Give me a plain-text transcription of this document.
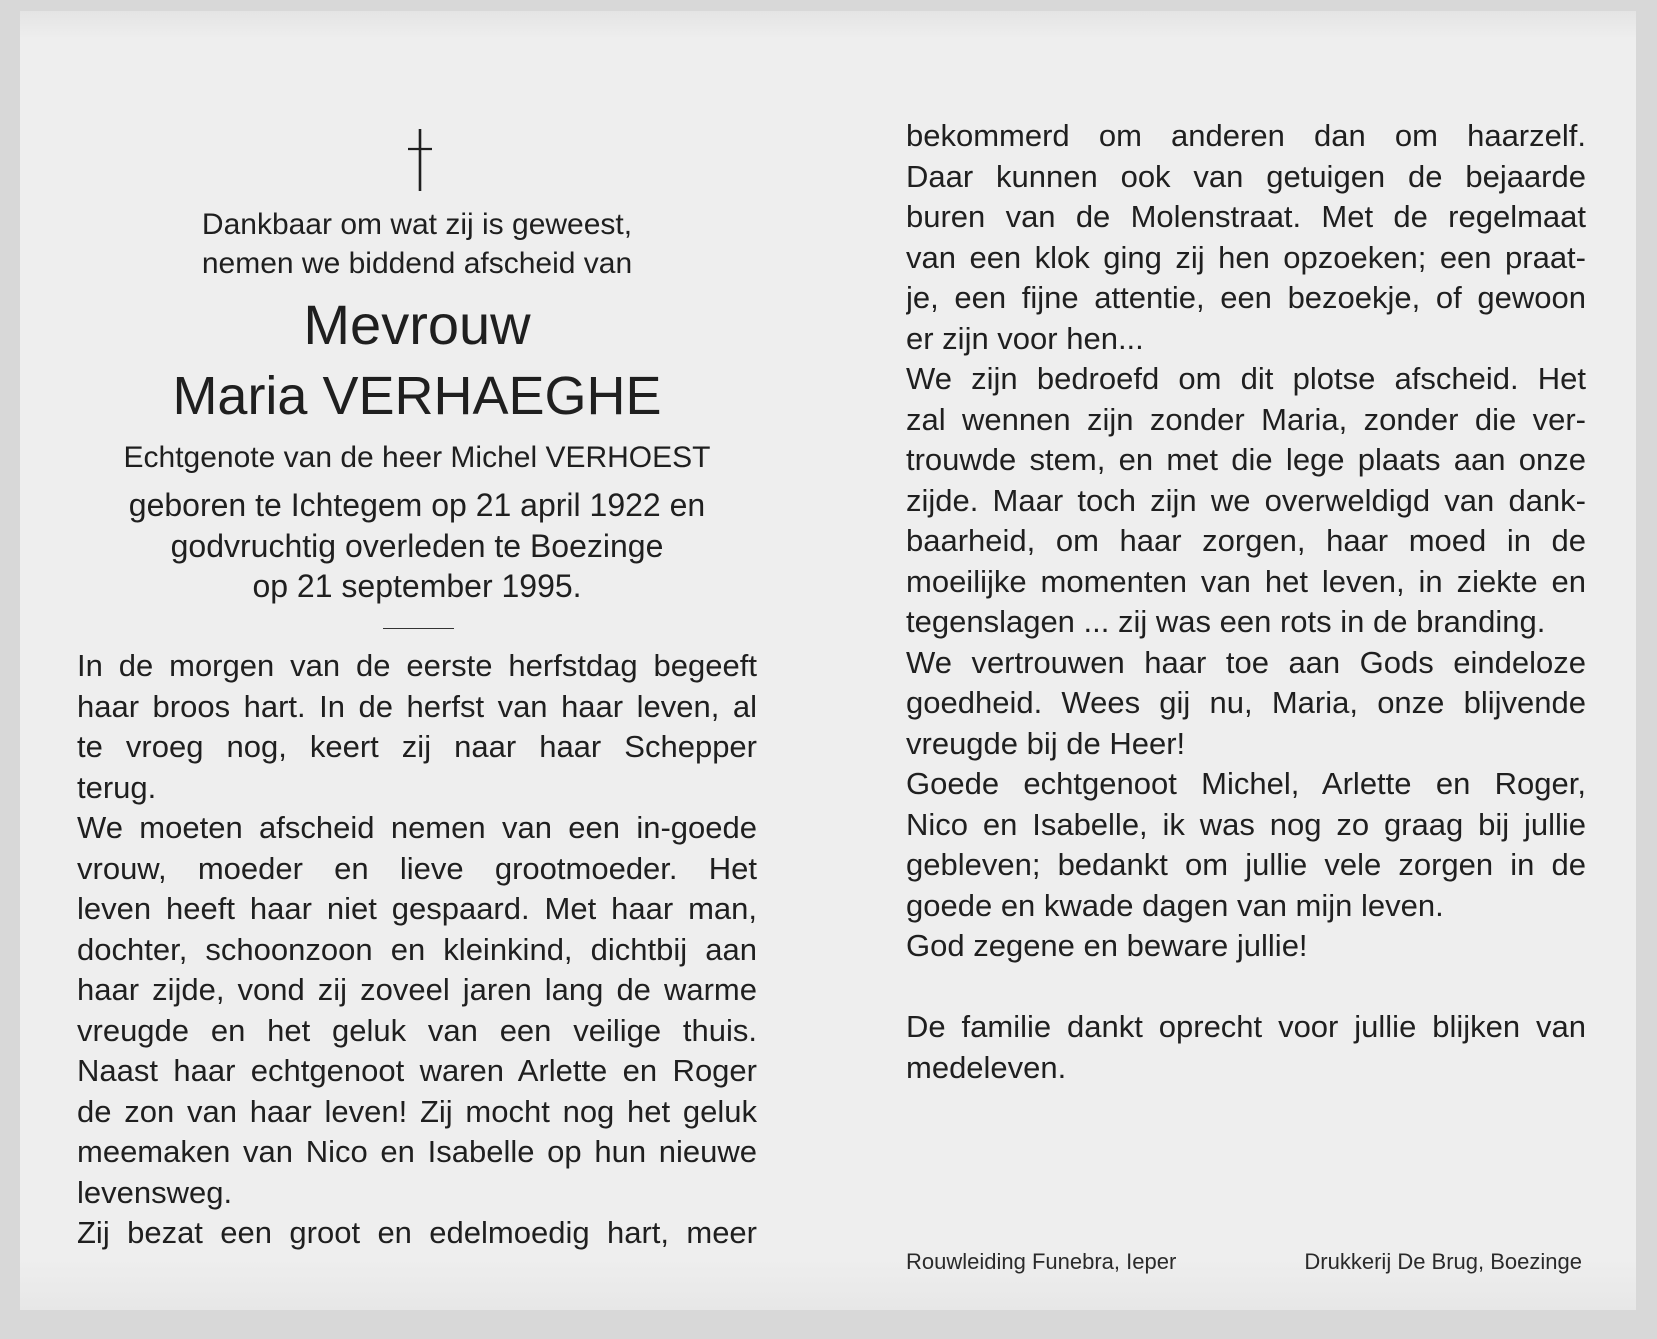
Dankbaar om wat zij is geweest,
nemen we biddend afscheid van
Mevrouw
Maria VERHAEGHE
Echtgenote van de heer Michel VERHOEST
geboren te Ichtegem op 21 april 1922 en
godvruchtig overleden te Boezinge
op 21 september 1995.
In de morgen van de eerste herfstdag begeeft
haar broos hart. In de herfst van haar leven, al
te vroeg nog, keert zij naar haar Schepper
terug.
We moeten afscheid nemen van een in-goede
vrouw, moeder en lieve grootmoeder. Het
leven heeft haar niet gespaard. Met haar man,
dochter, schoonzoon en kleinkind, dichtbij aan
haar zijde, vond zij zoveel jaren lang de warme
vreugde en het geluk van een veilige thuis.
Naast haar echtgenoot waren Arlette en Roger
de zon van haar leven! Zij mocht nog het geluk
meemaken van Nico en Isabelle op hun nieuwe
levensweg.
Zij bezat een groot en edelmoedig hart, meer
bekommerd om anderen dan om haarzelf.
Daar kunnen ook van getuigen de bejaarde
buren van de Molenstraat. Met de regelmaat
van een klok ging zij hen opzoeken; een praat-
je, een fijne attentie, een bezoekje, of gewoon
er zijn voor hen...
We zijn bedroefd om dit plotse afscheid. Het
zal wennen zijn zonder Maria, zonder die ver-
trouwde stem, en met die lege plaats aan onze
zijde. Maar toch zijn we overweldigd van dank-
baarheid, om haar zorgen, haar moed in de
moeilijke momenten van het leven, in ziekte en
tegenslagen ... zij was een rots in de branding.
We vertrouwen haar toe aan Gods eindeloze
goedheid. Wees gij nu, Maria, onze blijvende
vreugde bij de Heer!
Goede echtgenoot Michel, Arlette en Roger,
Nico en Isabelle, ik was nog zo graag bij jullie
gebleven; bedankt om jullie vele zorgen in de
goede en kwade dagen van mijn leven.
God zegene en beware jullie!
De familie dankt oprecht voor jullie blijken van
medeleven.
Rouwleiding Funebra, Ieper	Drukkerij De Brug, Boezinge
